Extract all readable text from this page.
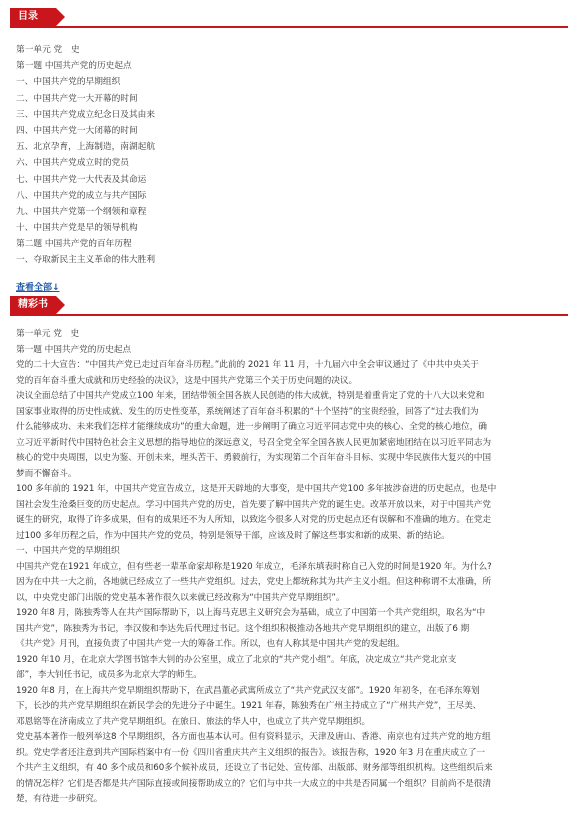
目录
第一单元 党　史
第一题 中国共产党的历史起点
一、中国共产党的早期组织
二、中国共产党一大开幕的时间
三、中国共产党成立纪念日及其由来
四、中国共产党一大闭幕的时间
五、北京孕育，上海制造，南湖起航
六、中国共产党成立时的党员
七、中国共产党一大代表及其命运
八、中国共产党的成立与共产国际
九、中国共产党第一个纲领和章程
十、中国共产党是早的领导机构
第二题 中国共产党的百年历程
一、夺取新民主主义革命的伟大胜利
查看全部↓
精彩书摘
第一单元 党　史
第一题 中国共产党的历史起点
党的二十大宣告：“中国共产党已走过百年奋斗历程。”此前的 2021 年 11 月，十九届六中全会审议通过了《中共中央关于
党的百年奋斗重大成就和历史经验的决议》，这是中国共产党第三个关于历史问题的决议。
决议全面总结了中国共产党成立100 年来，团结带领全国各族人民创造的伟大成就，特别是着重肯定了党的十八大以来党和
国家事业取得的历史性成就、发生的历史性变革，系统阐述了百年奋斗积累的“十个坚持”的宝贵经验，回答了“过去我们为
什么能够成功、未来我们怎样才能继续成功”的重大命题，进一步阐明了确立习近平同志党中央的核心、全党的核心地位，确
立习近平新时代中国特色社会主义思想的指导地位的深远意义，号召全党全军全国各族人民更加紧密地团结在以习近平同志为
核心的党中央周围，以史为鉴、开创未来，埋头苦干、勇毅前行，为实现第二个百年奋斗目标、实现中华民族伟大复兴的中国
梦而不懈奋斗。
100 多年前的 1921 年，中国共产党宣告成立，这是开天辟地的大事变，是中国共产党100 多年披涉奋进的历史起点，也是中
国社会发生沧桑巨变的历史起点。学习中国共产党的历史，首先要了解中国共产党的诞生史。改革开放以来，对于中国共产党
诞生的研究，取得了许多成果，但有的成果还不为人所知，以致迄今很多人对党的历史起点还有误解和不准确的地方。在党走
过100 多年历程之后，作为中国共产党的党员，特别是领导干部，应该及时了解这些事实和新的成果、新的结论。
一、中国共产党的早期组织
中国共产党在1921 年成立，但有些老一辈革命家却称是1920 年成立，毛泽东填表时称自己入党的时间是1920 年。为什么?
因为在中共一大之前，各地就已经成立了一些共产党组织。过去，党史上都统称其为共产主义小组。但这种称谓不太准确，所
以，中央党史部门出版的党史基本著作很久以来就已经改称为“中国共产党早期组织”。
1920 年8 月，陈独秀等人在共产国际帮助下，以上海马克思主义研究会为基础，成立了中国第一个共产党组织，取名为“中
国共产党”，陈独秀为书记，李汉俊和李达先后代理过书记。这个组织积极推动各地共产党早期组织的建立，出版了6 期
《共产党》月刊，直接负责了中国共产党一大的筹备工作。所以，也有人称其是中国共产党的发起组。
1920 年10 月，在北京大学图书馆李大钊的办公室里，成立了北京的“共产党小组”。年底，决定成立“共产党北京支
部”，李大钊任书记，成员多为北京大学的师生。
1920 年8 月，在上海共产党早期组织帮助下，在武昌董必武寓所成立了“共产党武汉支部”。1920 年初冬，在毛泽东筹划
下，长沙的共产党早期组织在新民学会的先进分子中诞生。1921 年春，陈独秀在广州主持成立了“广州共产党”，王尽美、
邓恩铭等在济南成立了共产党早期组织。在旅日、旅法的华人中，也成立了共产党早期组织。
党史基本著作一般列举这8 个早期组织，各方面也基本认可。但有资料显示，天津及唐山、香港、南京也有过共产党的地方组
织。党史学者还注意到共产国际档案中有一份《四川省重庆共产主义组织的报告》。该报告称，1920 年3 月在重庆成立了一
个共产主义组织，有 40 多个成员和60多个候补成员，还设立了书记处、宣传部、出版部、财务部等组织机构。这些组织后来
的情况怎样？它们是否都是共产国际直接或间接帮助成立的？它们与中共一大成立的中共是否同属一个组织？目前尚不是很清
楚，有待进一步研究。
